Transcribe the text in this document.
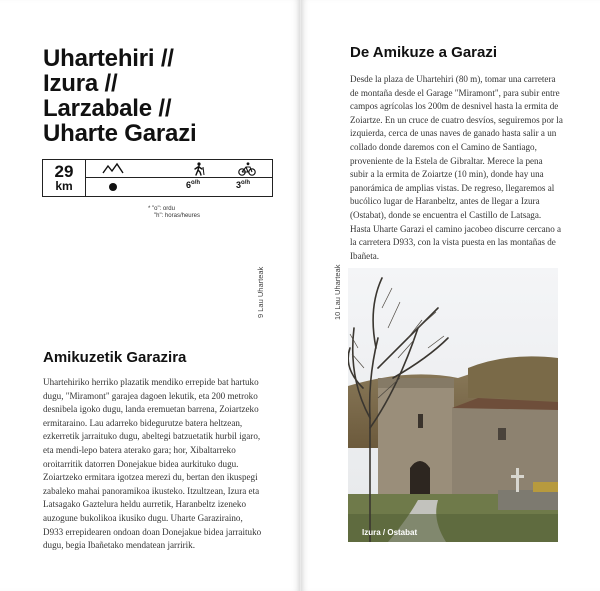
Uhartehiri //
Izura //
Larzabale //
Uharte Garazi
29
km	$6^{o/h}$	$3^{o/h}$
* "o": ordu
"h": horas/heures
9 Lau Uharteak
Amikuzetik Garazira
Uhartehiriko herriko plazatik mendiko errepide bat hartuko dugu, "Miramont" garajea dagoen lekutik, eta 200 metroko desnibela igoko dugu, landa eremuetan barrena, Zoiartzeko ermitaraino. Lau adarreko bidegurutze batera heltzean, ezkerretik jarraituko dugu, abeltegi batzuetatik hurbil igaro, eta mendi-lepo batera aterako gara; hor, Xibaltarreko oroitarritik datorren Donejakue bidea aurkituko dugu. Zoiartzeko ermitara igotzea merezi du, bertan den ikuspegi zabaleko mahai panoramikoa ikusteko. Itzultzean, Izura eta Latsagako Gaztelura heldu aurretik, Haranbeltz izeneko auzogune bukolikoa ikusiko dugu. Uharte Garaziraino, D933 errepidearen ondoan doan Donejakue bidea jarraituko dugu, begia Ibañetako mendatean jarririk.
De Amikuze a Garazi
Desde la plaza de Uhartehiri (80 m), tomar una carretera de montaña desde el Garage "Miramont", para subir entre campos agrícolas los 200m de desnivel hasta la ermita de Zoiartze. En un cruce de cuatro desvíos, seguiremos por la izquierda, cerca de unas naves de ganado hasta salir a un collado donde daremos con el Camino de Santiago, proveniente de la Estela de Gibraltar. Merece la pena subir a la ermita de Zoiartze (10 min), donde hay una panorámica de amplias vistas. De regreso, llegaremos al bucólico lugar de Haranbeltz, antes de llegar a Izura (Ostabat), donde se encuentra el Castillo de Latsaga. Hasta Uharte Garazi el camino jacobeo discurre cercano a la carretera D933, con la vista puesta en las montañas de Ibañeta.
10 Lau Uharteak
Izura / Ostabat
